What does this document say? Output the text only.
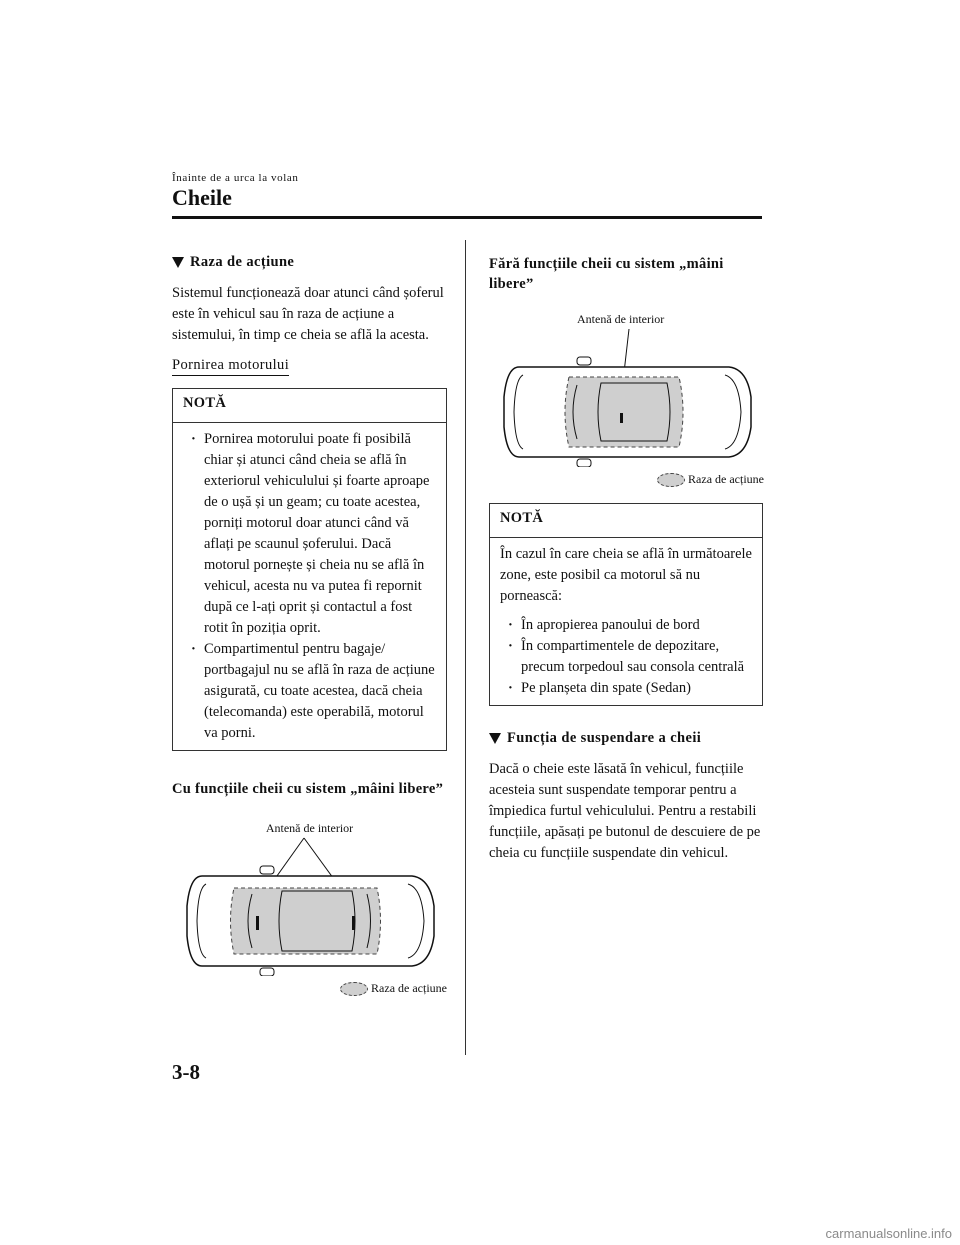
Înainte de a urca la volan
Cheile
Raza de acțiune

Sistemul funcționează doar atunci când șoferul este în vehicul sau în raza de acțiune a sistemului, în timp ce cheia se află la acesta.

Pornirea motorului
NOTĂ
· Pornirea motorului poate fi posibilă chiar și atunci când cheia se află în exteriorul vehiculului și foarte aproape de o ușă și un geam; cu toate acestea, porniți motorul doar atunci când vă aflați pe scaunul șoferului. Dacă motorul pornește și cheia nu se află în vehicul, acesta nu va putea fi repornit după ce l-ați oprit și contactul a fost rotit în poziția oprit.
· Compartimentul pentru bagaje/ portbagajul nu se află în raza de acțiune asigurată, cu toate acestea, dacă cheia (telecomanda) este operabilă, motorul va porni.
Cu funcțiile cheii cu sistem „mâini libere”
Antenă de interior
Raza de acțiune
Fără funcțiile cheii cu sistem „mâini libere”
Antenă de interior
Raza de acțiune
NOTĂ

În cazul în care cheia se află în următoarele zone, este posibil ca motorul să nu pornească:

· În apropierea panoului de bord
· În compartimentele de depozitare, precum torpedoul sau consola centrală
· Pe planșeta din spate (Sedan)
Funcția de suspendare a cheii

Dacă o cheie este lăsată în vehicul, funcțiile acesteia sunt suspendate temporar pentru a împiedica furtul vehiculului. Pentru a restabili funcțiile, apăsați pe butonul de descuiere de pe cheia cu funcțiile suspendate din vehicul.

3-8
carmanualsonline.info
